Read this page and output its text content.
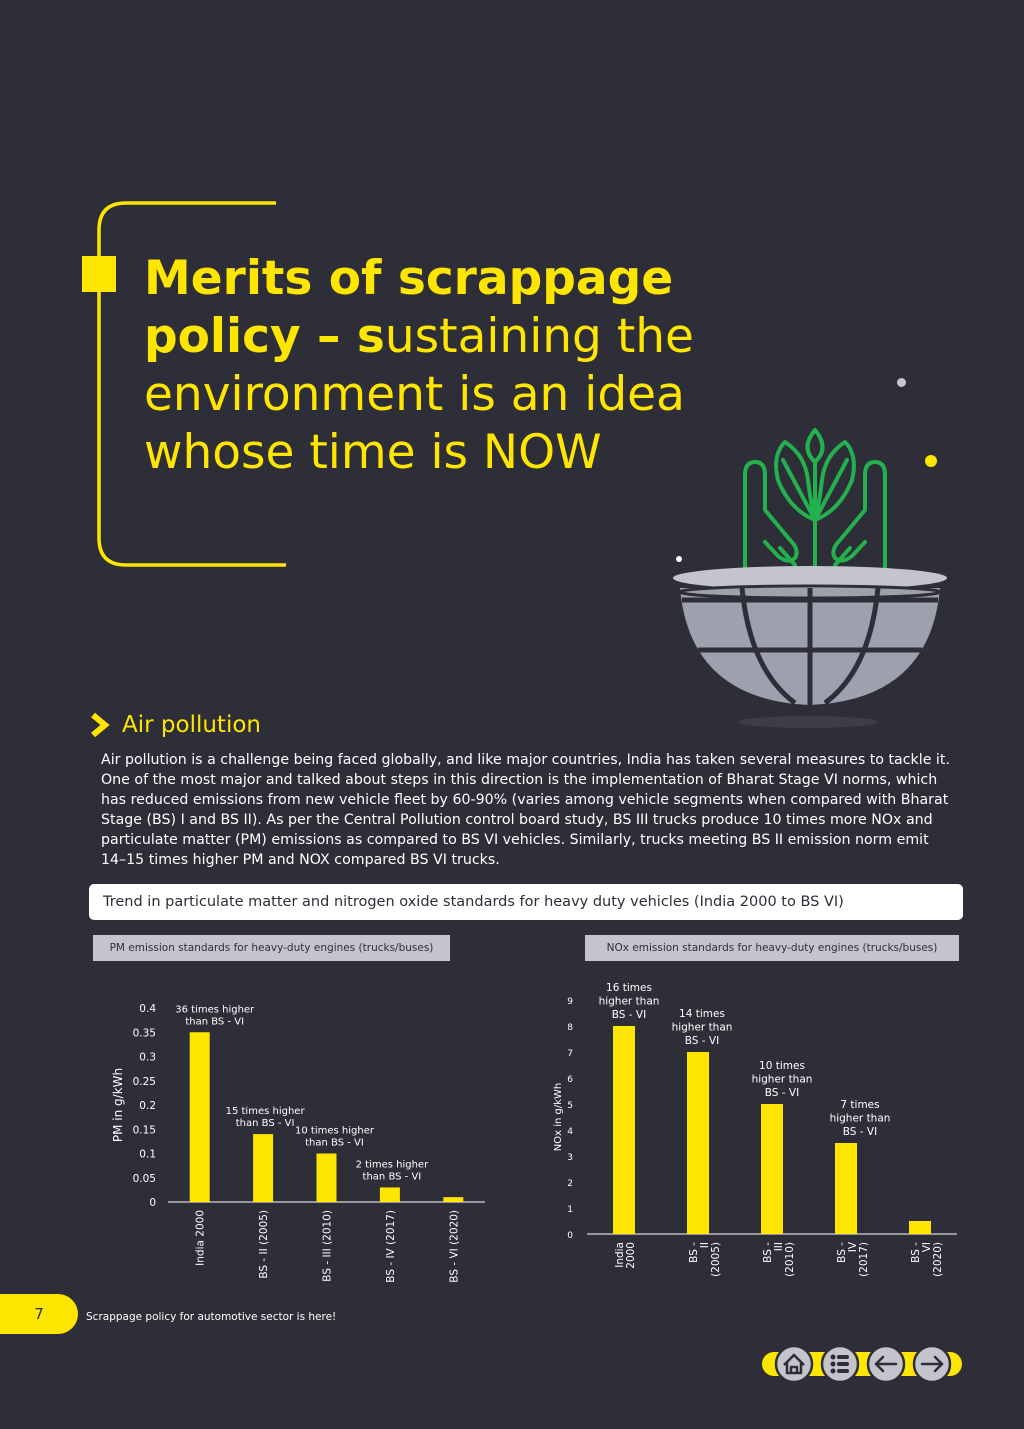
Merits of scrappage policy – sustaining the environment is an idea whose time is NOW
Air pollution
Air pollution is a challenge being faced globally, and like major countries, India has taken several measures to tackle it. One of the most major and talked about steps in this direction is the implementation of Bharat Stage VI norms, which has reduced emissions from new vehicle fleet by 60-90% (varies among vehicle segments when compared with Bharat Stage (BS) I and BS II). As per the Central Pollution control board study, BS III trucks produce 10 times more NOx and particulate matter (PM) emissions as compared to BS VI vehicles. Similarly, trucks meeting BS II emission norm emit 14–15 times higher PM and NOX compared BS VI trucks.
Trend in particulate matter and nitrogen oxide standards for heavy duty vehicles (India 2000 to BS VI)
PM emission standards for heavy-duty engines (trucks/buses)	NOx emission standards for heavy-duty engines (trucks/buses)
0
0.05
0.1
0.15
0.2
0.25
0.3
0.35
0.4
PM in g/kWh
36 times higher than BS - VI
India 2000
15 times higher than BS - VI
BS - II (2005)
10 times higher than BS - VI
BS - III (2010)
2 times higher than BS - VI
BS - IV (2017)	BS - VI (2020)	0
1
2
3
4
5
6
7
8
9
NOx in g/kWh
16 times higher than BS - VI
India2000
14 times higher than BS - VI
BS -II(2005)
10 times higher than BS - VI
BS -III(2010)
7 times higher than BS - VI
BS -IV(2017)	BS -VI(2020)
7	Scrappage policy for automotive sector is here!
